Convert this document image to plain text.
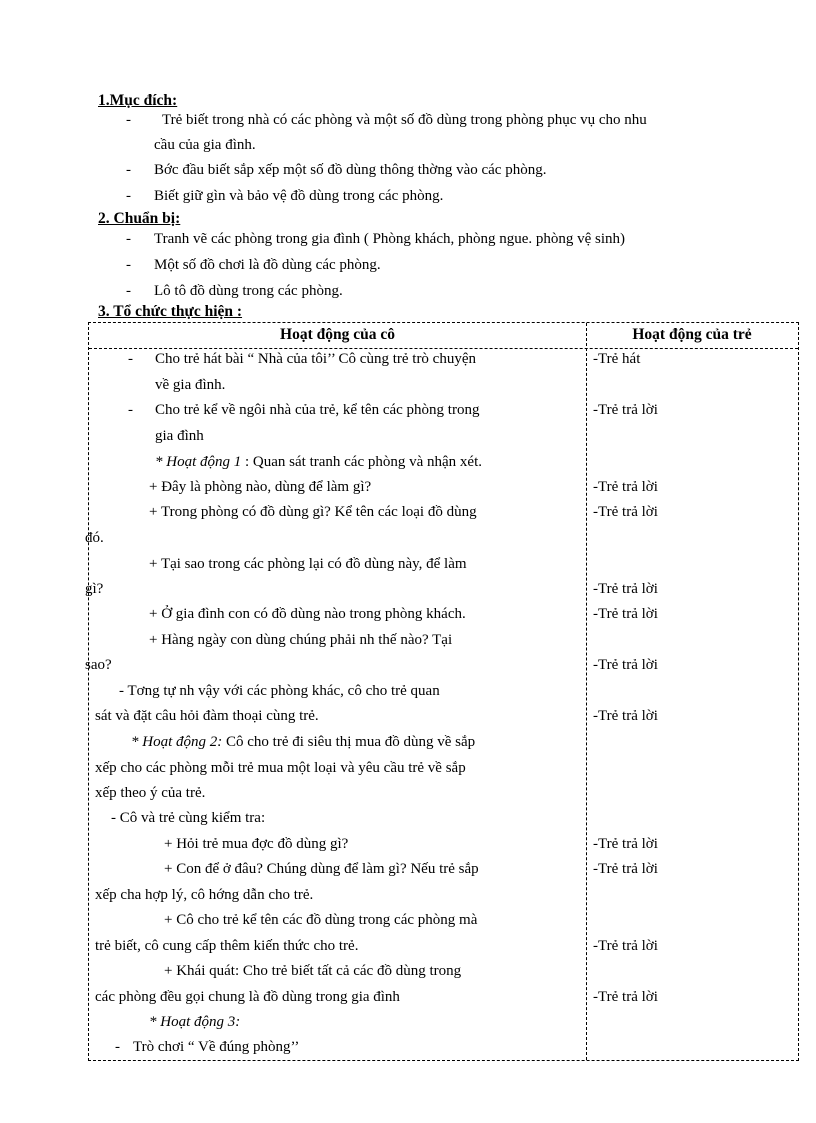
1.Mục đích:
- Trẻ biết trong nhà có các phòng và một số đồ dùng trong phòng phục vụ cho nhu
cầu của gia đình.
- Bớc đầu biết sắp xếp một số đồ dùng thông thờng vào các phòng.
- Biết giữ gìn và bảo vệ đồ dùng trong các phòng.
2. Chuẩn bị:
- Tranh vẽ các phòng trong gia đình ( Phòng khách, phòng ngue. phòng vệ sinh)
- Một số đồ chơi là đồ dùng các phòng.
- Lô tô đồ dùng trong các phòng.
3. Tổ chức thực hiện :
Hoạt động của cô	Hoạt động của trẻ
- Cho trẻ hát bài “ Nhà của tôi’’ Cô cùng trẻ trò chuyện
về gia đình.
- Cho trẻ kể về ngôi nhà của trẻ, kể tên các phòng trong
gia đình
* Hoạt động 1 : Quan sát tranh các phòng và nhận xét.
+ Đây là phòng nào, dùng để làm gì?
+ Trong phòng có đồ dùng gì? Kể tên các loại đồ dùng
đó.
+ Tại sao trong các phòng lại có đồ dùng này, để làm
gì?
+ Ở gia đình con có đồ dùng nào trong phòng khách.
+ Hàng ngày con dùng chúng phải nh thế nào? Tại
sao?
- Tơng tự nh vậy với các phòng khác, cô cho trẻ quan
sát và đặt câu hỏi đàm thoại cùng trẻ.
* Hoạt động 2: Cô cho trẻ đi siêu thị mua đồ dùng về sắp
xếp cho các phòng mỗi trẻ mua một loại và yêu cầu trẻ về sắp
xếp theo ý của trẻ.
- Cô và trẻ cùng kiểm tra:
+ Hỏi trẻ mua đợc đồ dùng gì?
+ Con để ở đâu? Chúng dùng để làm gì? Nếu trẻ sắp
xếp cha hợp lý, cô hớng dẫn cho trẻ.
+ Cô cho trẻ kể tên các đồ dùng trong các phòng mà
trẻ biết, cô cung cấp thêm kiến thức cho trẻ.
+ Khái quát: Cho trẻ biết tất cả các đồ dùng trong
các phòng đều gọi chung là đồ dùng trong gia đình
* Hoạt động 3:
- Trò chơi “ Về đúng phòng’’
-Trẻ hát
-Trẻ trả lời
-Trẻ trả lời
-Trẻ trả lời
-Trẻ trả lời
-Trẻ trả lời
-Trẻ trả lời
-Trẻ trả lời
-Trẻ trả lời
-Trẻ trả lời
-Trẻ trả lời
-Trẻ trả lời
